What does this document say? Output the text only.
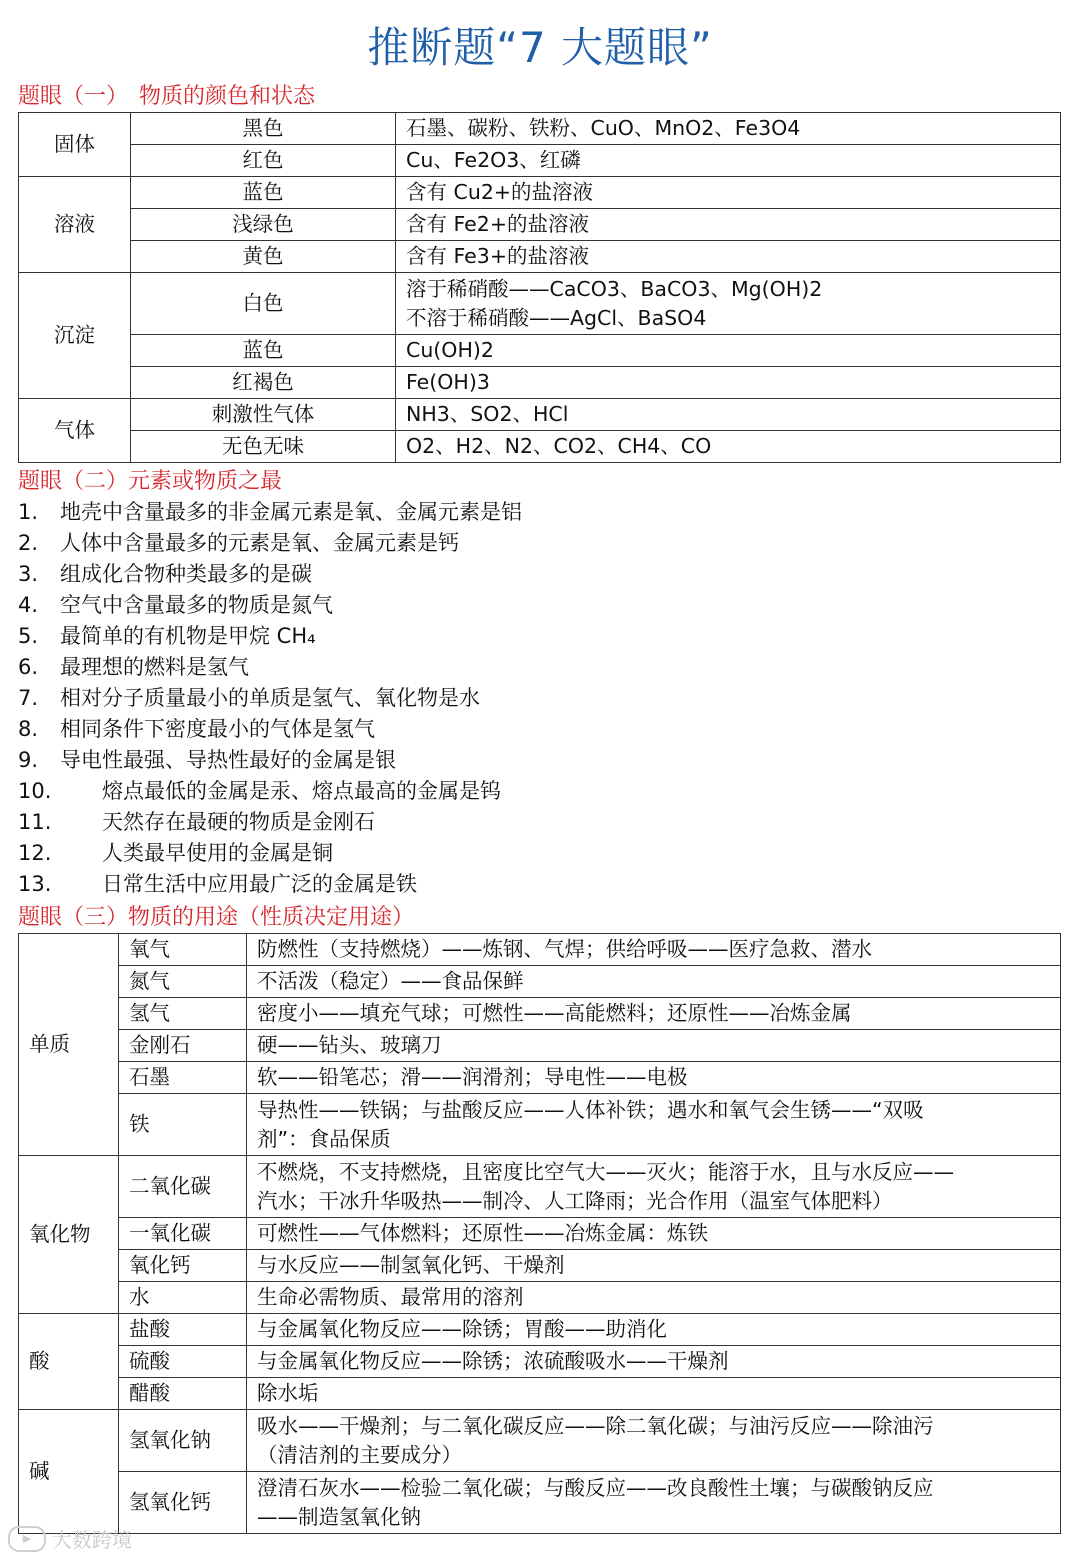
推断题“7 大题眼”
题眼（一）　物质的颜色和状态
固体	黑色	石墨、碳粉、铁粉、CuO、MnO2、Fe3O4

	红色	Cu、Fe2O3、红磷

溶液	蓝色	含有 Cu2+的盐溶液

	浅绿色	含有 Fe2+的盐溶液

	黄色	含有 Fe3+的盐溶液

沉淀	白色	溶于稀硝酸——CaCO3、BaCO3、Mg(OH)2
不溶于稀硝酸——AgCl、BaSO4

	蓝色	Cu(OH)2

	红褐色	Fe(OH)3

气体	刺激性气体	NH3、SO2、HCl

	无色无味	O2、H2、N2、CO2、CH4、CO
题眼（二）元素或物质之最
1. 地壳中含量最多的非金属元素是氧、金属元素是铝
2. 人体中含量最多的元素是氧、金属元素是钙
3. 组成化合物种类最多的是碳
4. 空气中含量最多的物质是氮气
5. 最简单的有机物是甲烷 CH₄
6. 最理想的燃料是氢气
7. 相对分子质量最小的单质是氢气、氧化物是水
8. 相同条件下密度最小的气体是氢气
9. 导电性最强、导热性最好的金属是银
10. 熔点最低的金属是汞、熔点最高的金属是钨
11. 天然存在最硬的物质是金刚石
12. 人类最早使用的金属是铜
13. 日常生活中应用最广泛的金属是铁
题眼（三）物质的用途（性质决定用途）
单质	氧气	防燃性（支持燃烧）——炼钢、气焊；供给呼吸——医疗急救、潜水

	氮气	不活泼（稳定）——食品保鲜

	氢气	密度小——填充气球；可燃性——高能燃料；还原性——冶炼金属

	金刚石	硬——钻头、玻璃刀

	石墨	软——铅笔芯；滑——润滑剂；导电性——电极

	铁	导热性——铁锅；与盐酸反应——人体补铁；遇水和氧气会生锈——“双吸
剂”：食品保质

氧化物	二氧化碳	不燃烧，不支持燃烧，且密度比空气大——灭火；能溶于水，且与水反应——
汽水；干冰升华吸热——制冷、人工降雨；光合作用（温室气体肥料）

	一氧化碳	可燃性——气体燃料；还原性——冶炼金属：炼铁

	氧化钙	与水反应——制氢氧化钙、干燥剂

	水	生命必需物质、最常用的溶剂

酸	盐酸	与金属氧化物反应——除锈；胃酸——助消化

	硫酸	与金属氧化物反应——除锈；浓硫酸吸水——干燥剂

	醋酸	除水垢

碱	氢氧化钠	吸水——干燥剂；与二氧化碳反应——除二氧化碳；与油污反应——除油污
（清洁剂的主要成分）

	氢氧化钙	澄清石灰水——检验二氧化碳；与酸反应——改良酸性土壤；与碳酸钠反应
——制造氢氧化钠
▶	大数跨境
